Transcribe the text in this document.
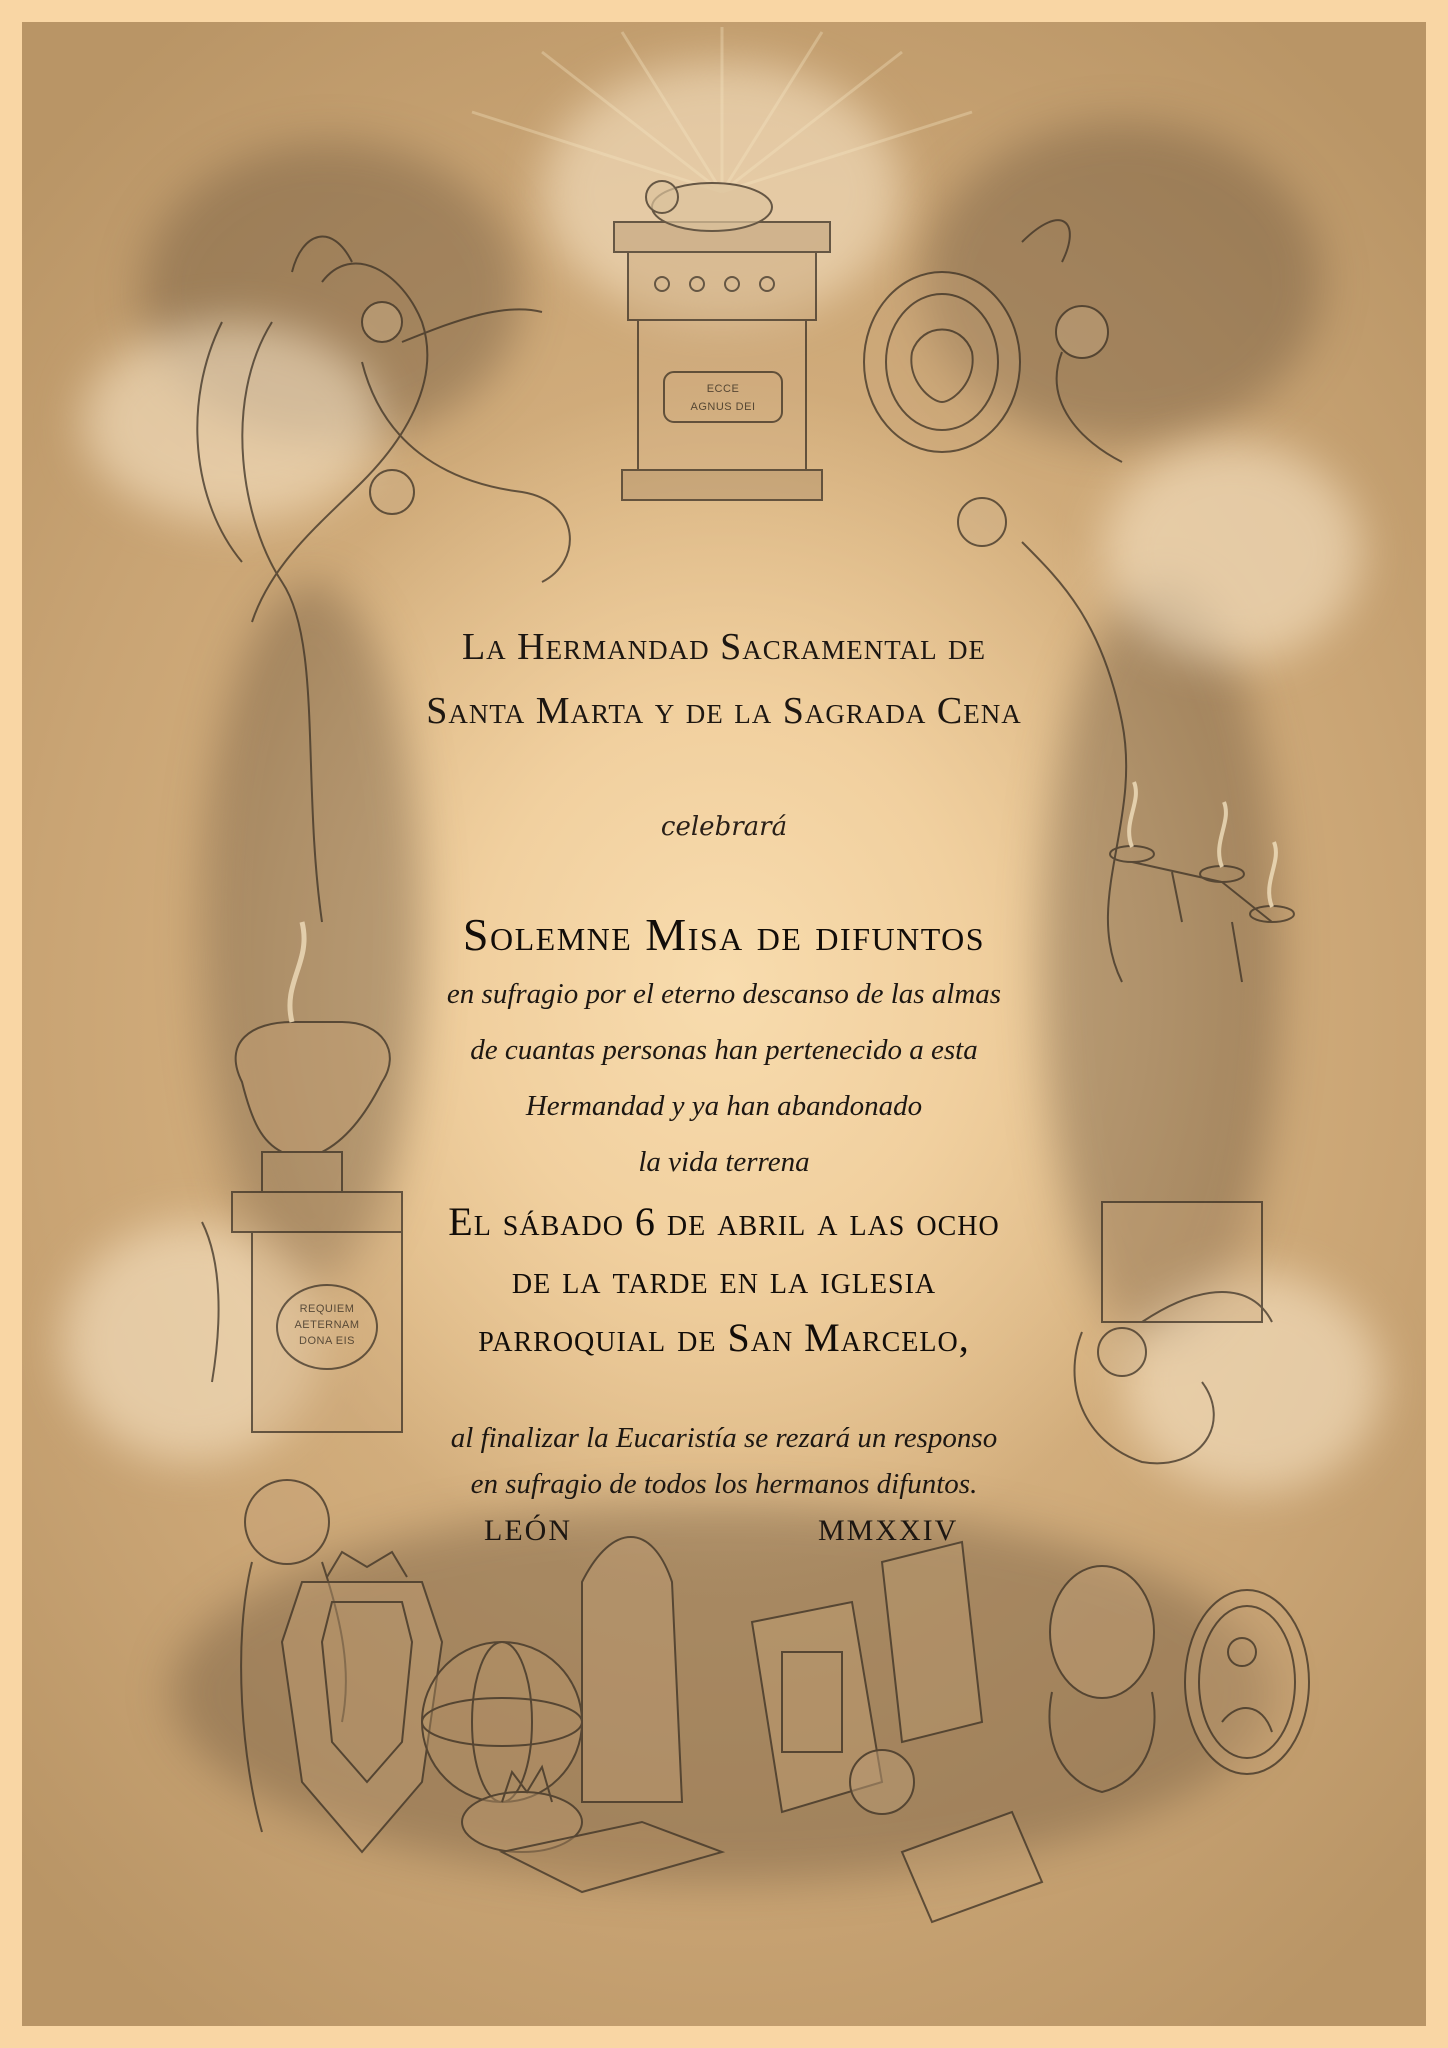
ECCE
AGNUS DEI
REQUIEM
AETERNAM
DONA EIS
La Hermandad Sacramental de
Santa Marta y de la Sagrada Cena
celebrará
Solemne Misa de difuntos
en sufragio por el eterno descanso de las almas
de cuantas personas han pertenecido a esta
Hermandad y ya han abandonado
la vida terrena
El sábado 6 de abril a las ocho
de la tarde en la iglesia
parroquial de San Marcelo,
al finalizar la Eucaristía se rezará un responso
en sufragio de todos los hermanos difuntos.
LEÓN	MMXXIV
